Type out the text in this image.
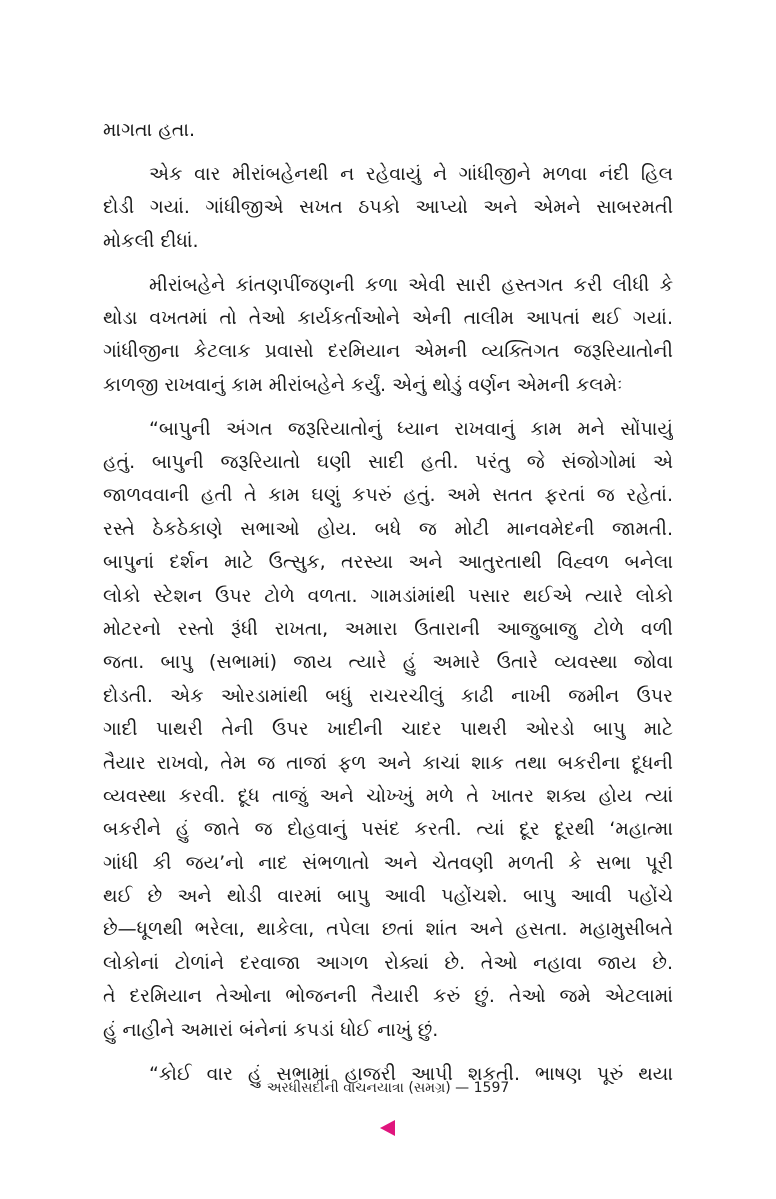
માગતા હતા.
એક વાર મીરાંબહેનથી ન રહેવાયું ને ગાંધીજીને મળવા નંદી હિલ
દોડી ગયાં. ગાંધીજીએ સખત ઠપકો આપ્યો અને એમને સાબરમતી
મોકલી દીધાં.
મીરાંબહેને કાંતણપીંજણની કળા એવી સારી હસ્તગત કરી લીધી કે
થોડા વખતમાં તો તેઓ કાર્યકર્તાઓને એની તાલીમ આપતાં થઈ ગયાં.
ગાંધીજીના કેટલાક પ્રવાસો દરમિયાન એમની વ્યક્તિગત જરૂરિયાતોની
કાળજી રાખવાનું કામ મીરાંબહેને કર્યું. એનું થોડું વર્ણન એમની કલમેઃ
“બાપુની અંગત જરૂરિયાતોનું ધ્યાન રાખવાનું કામ મને સોંપાયું
હતું. બાપુની જરૂરિયાતો ઘણી સાદી હતી. પરંતુ જે સંજોગોમાં એ
જાળવવાની હતી તે કામ ઘણું કપરું હતું. અમે સતત ફરતાં જ રહેતાં.
રસ્તે ઠેકઠેકાણે સભાઓ હોય. બધે જ મોટી માનવમેદની જામતી.
બાપુનાં દર્શન માટે ઉત્સુક, તરસ્યા અને આતુરતાથી વિહ્વળ બનેલા
લોકો સ્ટેશન ઉપર ટોળે વળતા. ગામડાંમાંથી પસાર થઈએ ત્યારે લોકો
મોટરનો રસ્તો રૂંધી રાખતા, અમારા ઉતારાની આજુબાજુ ટોળે વળી
જતા. બાપુ (સભામાં) જાય ત્યારે હું અમારે ઉતારે વ્યવસ્થા જોવા
દોડતી. એક ઓરડામાંથી બધું રાચરચીલું કાઢી નાખી જમીન ઉપર
ગાદી પાથરી તેની ઉપર ખાદીની ચાદર પાથરી ઓરડો બાપુ માટે
તૈયાર રાખવો, તેમ જ તાજાં ફળ અને કાચાં શાક તથા બકરીના દૂધની
વ્યવસ્થા કરવી. દૂધ તાજું અને ચોખ્ખું મળે તે ખાતર શક્ય હોય ત્યાં
બકરીને હું જાતે જ દોહવાનું પસંદ કરતી. ત્યાં દૂર દૂરથી ‘મહાત્મા
ગાંધી કી જય’નો નાદ સંભળાતો અને ચેતવણી મળતી કે સભા પૂરી
થઈ છે અને થોડી વારમાં બાપુ આવી પહોંચશે. બાપુ આવી પહોંચે
છે—ધૂળથી ભરેલા, થાકેલા, તપેલા છતાં શાંત અને હસતા. મહામુસીબતે
લોકોનાં ટોળાંને દરવાજા આગળ રોક્યાં છે. તેઓ નહાવા જાય છે.
તે દરમિયાન તેઓના ભોજનની તૈયારી કરું છું. તેઓ જમે એટલામાં
હું નાહીને અમારાં બંનેનાં કપડાં ધોઈ નાખું છું.
“કોઈ વાર હું સભામાં હાજરી આપી શકતી. ભાષણ પૂરું થયા
અરધીસદીની વાચનયાત્રા (સમગ્ર) — 1597
